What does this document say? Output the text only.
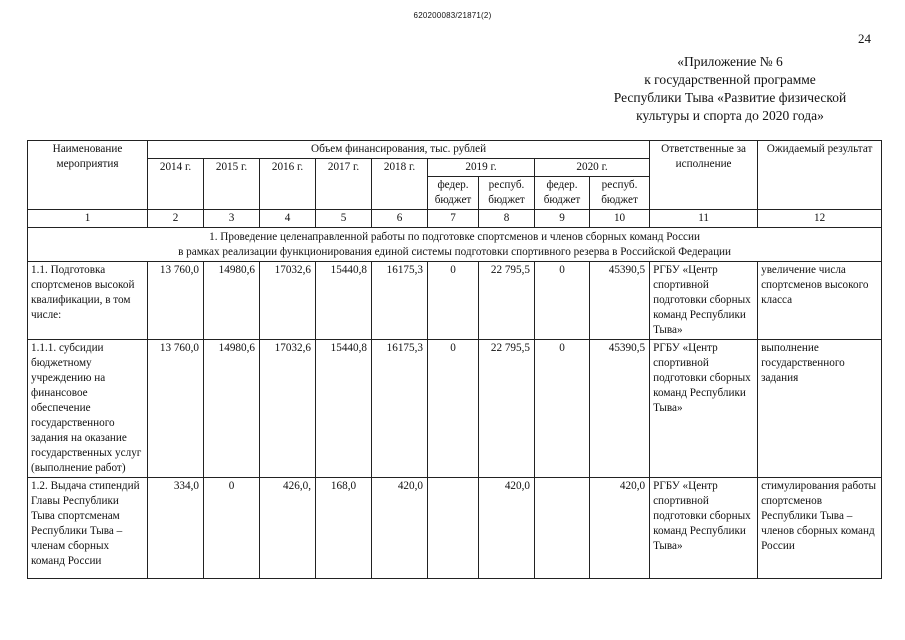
620200083/21871(2)
24
«Приложение № 6
к государственной программе
Республики Тыва «Развитие физической
культуры и спорта до 2020 года»
Наименование мероприятия	Объем финансирования, тыс. рублей									Ответственные за исполнение	Ожидаемый результат
	2014 г.	2015 г.	2016 г.	2017 г.	2018 г.	2019 г.		2020 г.			
						федер. бюджет	респуб. бюджет	федер. бюджет	респуб. бюджет		
1	2	3	4	5	6	7	8	9	10	11	12

1. Проведение целенаправленной работы по подготовке спортсменов и членов сборных команд России
в рамках реализации функционирования единой системы подготовки спортивного резерва в Российской Федерации											

1.1. Подготовка спортсменов высокой квалификации, в том числе:	13 760,0	14980,6	17032,6	15440,8	16175,3	0	22 795,5	0	45390,5	РГБУ «Центр спортивной подготовки сборных команд Республики Тыва»	увеличение числа спортсменов высокого класса
1.1.1. субсидии бюджетному учреждению на финансовое обеспечение государственного задания на оказание государственных услуг (выполнение работ)	13 760,0	14980,6	17032,6	15440,8	16175,3	0	22 795,5	0	45390,5	РГБУ «Центр спортивной подготовки сборных команд Республики Тыва»	выполнение государственного задания
1.2. Выдача стипендий Главы Республики Тыва спортсменам Республики Тыва – членам сборных команд России	334,0	0	426,0,	168,0	420,0		420,0		420,0	РГБУ «Центр спортивной подготовки сборных команд Республики Тыва»	стимулирования работы спортсменов Республики Тыва – членов сборных команд России
